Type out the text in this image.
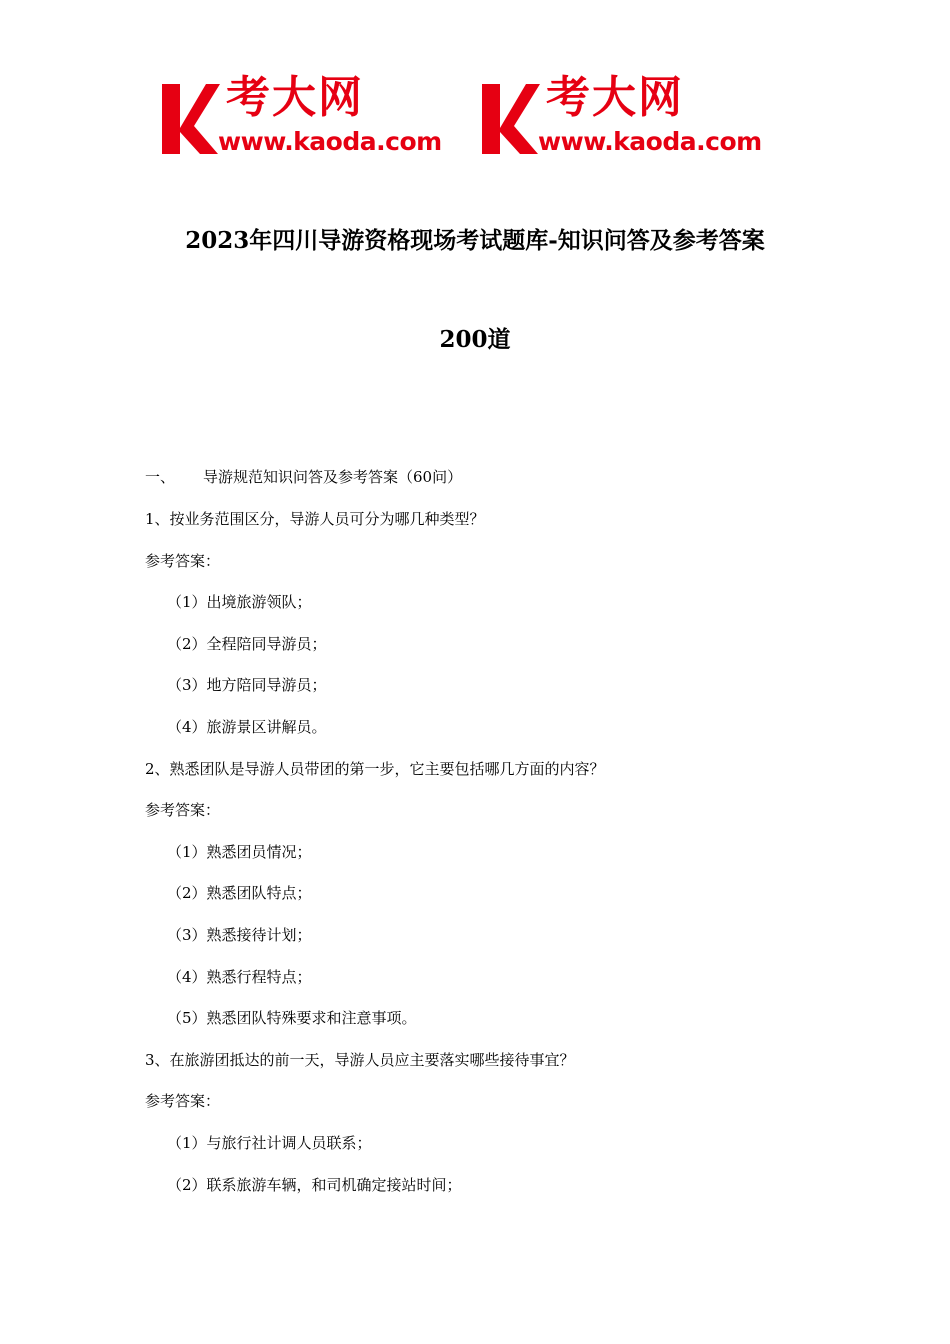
考大网
www.kaoda.com
考大网
www.kaoda.com
2023年四川导游资格现场考试题库-知识问答及参考答案
200道
一、 导游规范知识问答及参考答案（60问）
1、按业务范围区分，导游人员可分为哪几种类型？
参考答案：
（1）出境旅游领队；
（2）全程陪同导游员；
（3）地方陪同导游员；
（4）旅游景区讲解员。
2、熟悉团队是导游人员带团的第一步，它主要包括哪几方面的内容？
参考答案：
（1）熟悉团员情况；
（2）熟悉团队特点；
（3）熟悉接待计划；
（4）熟悉行程特点；
（5）熟悉团队特殊要求和注意事项。
3、在旅游团抵达的前一天，导游人员应主要落实哪些接待事宜？
参考答案：
（1）与旅行社计调人员联系；
（2）联系旅游车辆，和司机确定接站时间；
